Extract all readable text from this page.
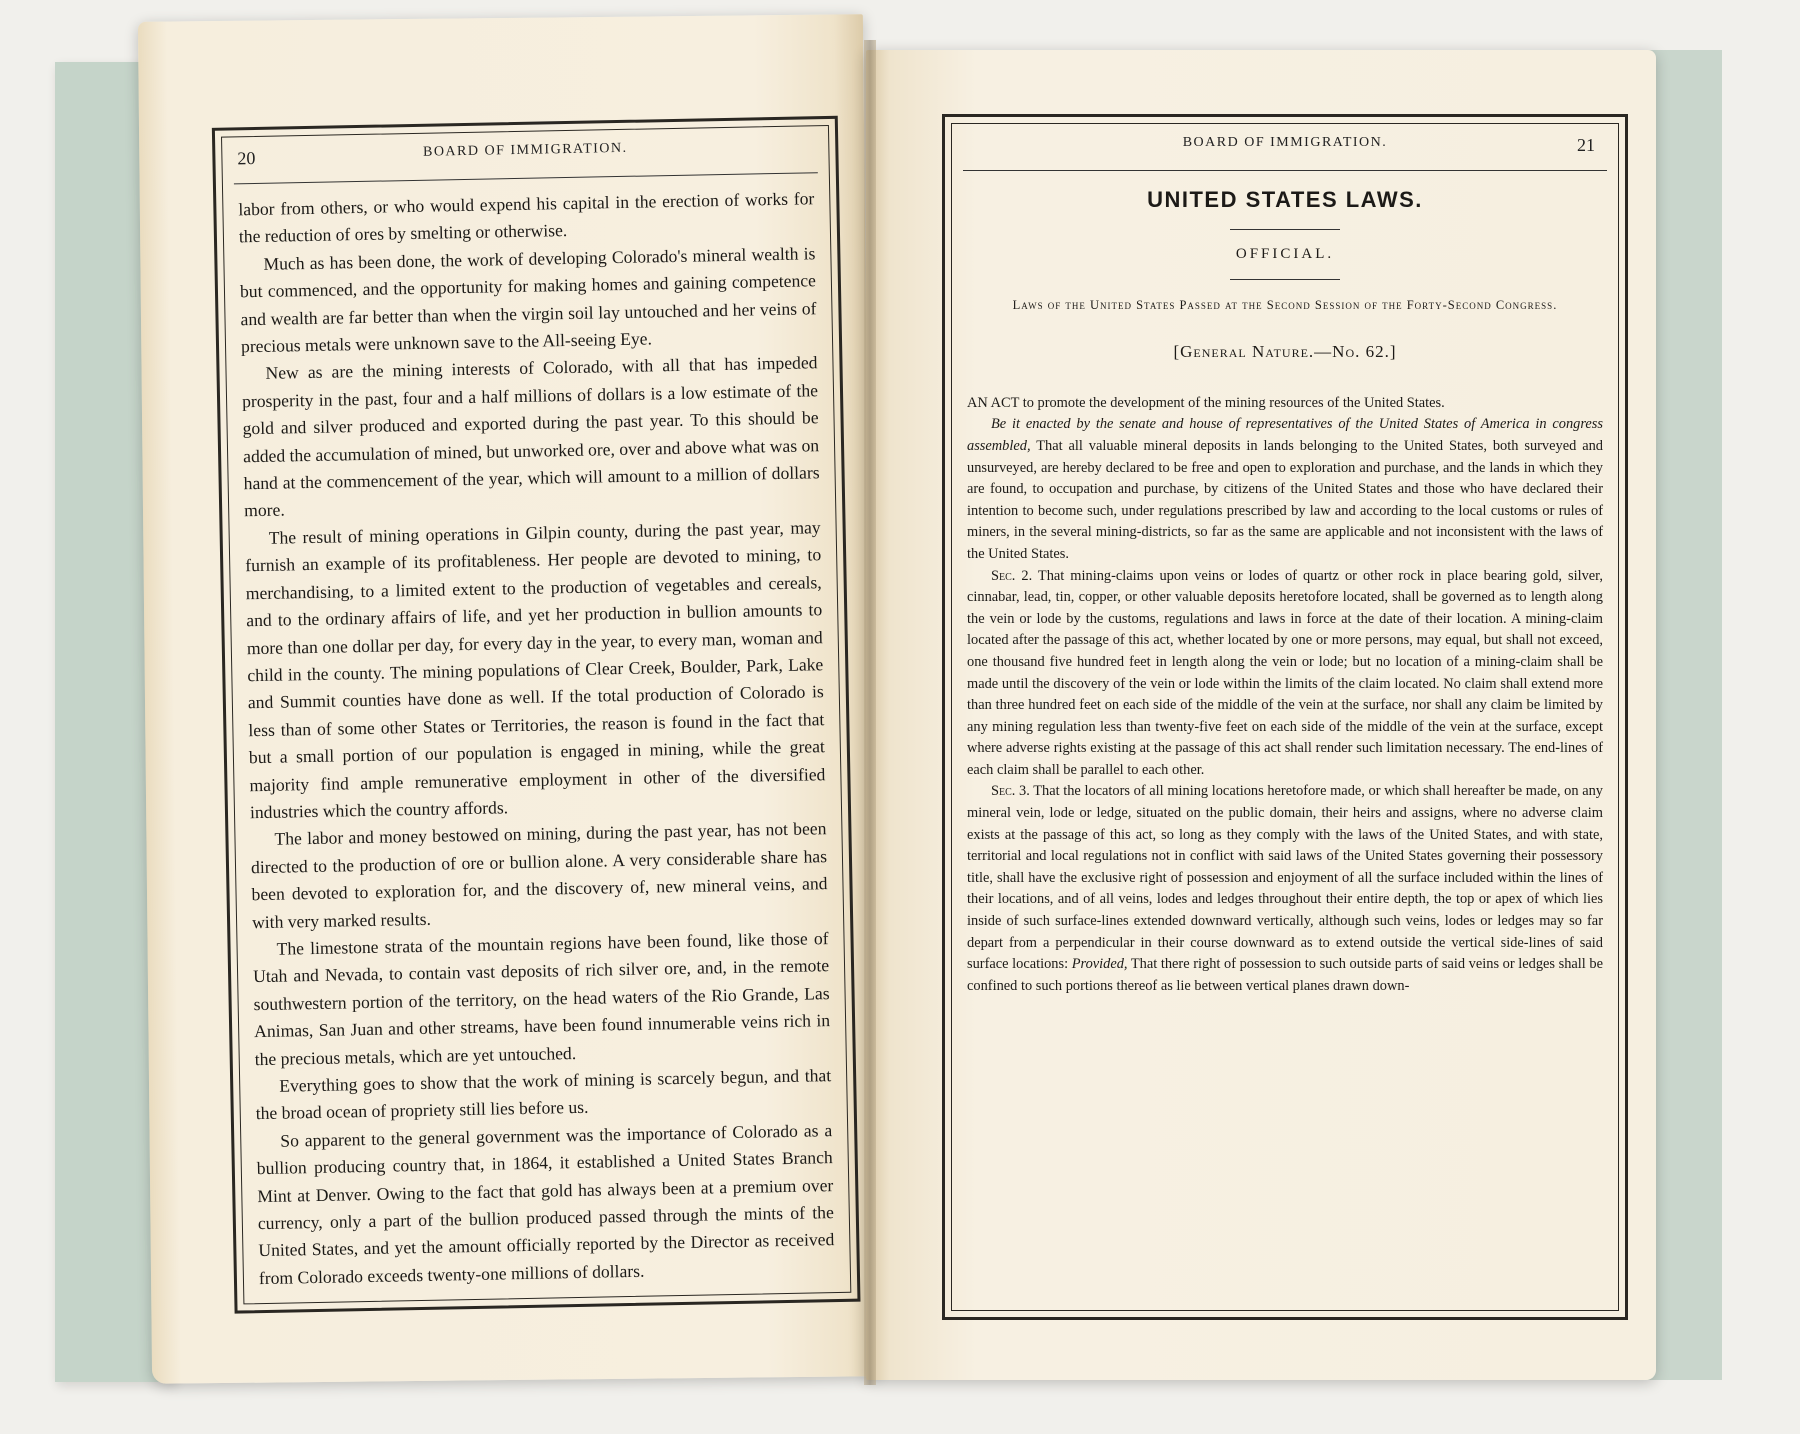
20	BOARD OF IMMIGRATION.

labor from others, or who would expend his capital in the erection of works for the reduction of ores by smelting or otherwise.

Much as has been done, the work of developing Colorado's mineral wealth is but commenced, and the opportunity for making homes and gaining competence and wealth are far better than when the virgin soil lay untouched and her veins of precious metals were unknown save to the All-seeing Eye.

New as are the mining interests of Colorado, with all that has impeded prosperity in the past, four and a half millions of dollars is a low estimate of the gold and silver produced and exported during the past year. To this should be added the accumulation of mined, but unworked ore, over and above what was on hand at the commencement of the year, which will amount to a million of dollars more.

The result of mining operations in Gilpin county, during the past year, may furnish an example of its profitableness. Her people are devoted to mining, to merchandising, to a limited extent to the production of vegetables and cereals, and to the ordinary affairs of life, and yet her production in bullion amounts to more than one dollar per day, for every day in the year, to every man, woman and child in the county. The mining populations of Clear Creek, Boulder, Park, Lake and Summit counties have done as well. If the total production of Colorado is less than of some other States or Territories, the reason is found in the fact that but a small portion of our population is engaged in mining, while the great majority find ample remunerative employment in other of the diversified industries which the country affords.

The labor and money bestowed on mining, during the past year, has not been directed to the production of ore or bullion alone. A very considerable share has been devoted to exploration for, and the discovery of, new mineral veins, and with very marked results.

The limestone strata of the mountain regions have been found, like those of Utah and Nevada, to contain vast deposits of rich silver ore, and, in the remote southwestern portion of the territory, on the head waters of the Rio Grande, Las Animas, San Juan and other streams, have been found innumerable veins rich in the precious metals, which are yet untouched.

Everything goes to show that the work of mining is scarcely begun, and that the broad ocean of propriety still lies before us.

So apparent to the general government was the importance of Colorado as a bullion producing country that, in 1864, it established a United States Branch Mint at Denver. Owing to the fact that gold has always been at a premium over currency, only a part of the bullion produced passed through the mints of the United States, and yet the amount officially reported by the Director as received from Colorado exceeds twenty-one millions of dollars.

BOARD OF IMMIGRATION.	21
UNITED STATES LAWS.
OFFICIAL.
Laws of the United States Passed at the Second Session of the Forty-Second Congress.
[General Nature.—No. 62.]

AN ACT to promote the development of the mining resources of the United States.

Be it enacted by the senate and house of representatives of the United States of America in congress assembled, That all valuable mineral deposits in lands belonging to the United States, both surveyed and unsurveyed, are hereby declared to be free and open to exploration and purchase, and the lands in which they are found, to occupation and purchase, by citizens of the United States and those who have declared their intention to become such, under regulations prescribed by law and according to the local customs or rules of miners, in the several mining-districts, so far as the same are applicable and not inconsistent with the laws of the United States.

Sec. 2. That mining-claims upon veins or lodes of quartz or other rock in place bearing gold, silver, cinnabar, lead, tin, copper, or other valuable deposits heretofore located, shall be governed as to length along the vein or lode by the customs, regulations and laws in force at the date of their location. A mining-claim located after the passage of this act, whether located by one or more persons, may equal, but shall not exceed, one thousand five hundred feet in length along the vein or lode; but no location of a mining-claim shall be made until the discovery of the vein or lode within the limits of the claim located. No claim shall extend more than three hundred feet on each side of the middle of the vein at the surface, nor shall any claim be limited by any mining regulation less than twenty-five feet on each side of the middle of the vein at the surface, except where adverse rights existing at the passage of this act shall render such limitation necessary. The end-lines of each claim shall be parallel to each other.

Sec. 3. That the locators of all mining locations heretofore made, or which shall hereafter be made, on any mineral vein, lode or ledge, situated on the public domain, their heirs and assigns, where no adverse claim exists at the passage of this act, so long as they comply with the laws of the United States, and with state, territorial and local regulations not in conflict with said laws of the United States governing their possessory title, shall have the exclusive right of possession and enjoyment of all the surface included within the lines of their locations, and of all veins, lodes and ledges throughout their entire depth, the top or apex of which lies inside of such surface-lines extended downward vertically, although such veins, lodes or ledges may so far depart from a perpendicular in their course downward as to extend outside the vertical side-lines of said surface locations: Provided, That there right of possession to such outside parts of said veins or ledges shall be confined to such portions thereof as lie between vertical planes drawn down-
